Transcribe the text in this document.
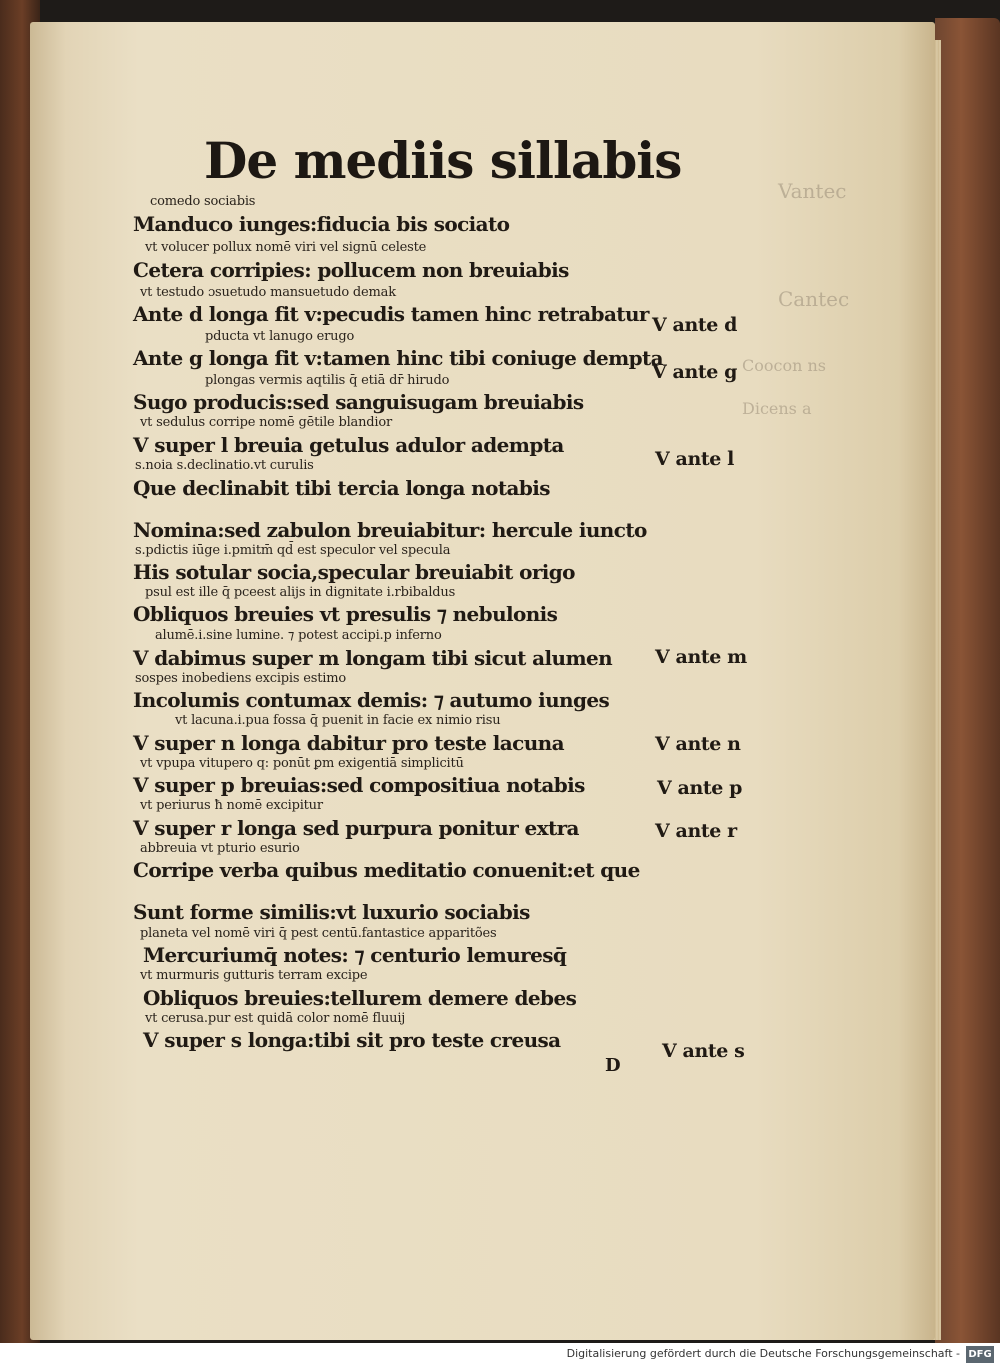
Vantec
Cantec
Coocon ns
Dicens a
De mediis sillabis
comedo sociabis
Manduco iunges:fiducia bis sociato
vt volucer pollux nomē viri vel signū celeste
Cetera corripies: pollucem non breuiabis
vt testudo ɔsuetudo mansuetudo demak
Ante d longa fit v:pecudis tamen hinc retrabatur
pducta vt lanugo erugo
Ante g longa fit v:tamen hinc tibi coniuge dempta
plongas vermis aqtilis q̄ etiā dr̄ hirudo
Sugo producis:sed sanguisugam breuiabis
vt sedulus corripe nomē gētile blandior
V super l breuia getulus adulor adempta
s.noia s.declinatio.vt curulis
Que declinabit tibi tercia longa notabis
Nomina:sed zabulon breuiabitur: hercule iuncto
s.pdictis iūge i.pmitm̄ qd̄ est speculor vel specula
His sotular socia,specular breuiabit origo
psul est ille q̄ pceest alijs in dignitate i.rbibaldus
Obliquos breuies vt presulis ⁊ nebulonis
alumē.i.sine lumine. ⁊ potest accipi.p inferno
V dabimus super m longam tibi sicut alumen
sospes inobediens excipis estimo
Incolumis contumax demis: ⁊ autumo iunges
vt lacuna.i.pua fossa q̄ puenit in facie ex nimio risu
V super n longa dabitur pro teste lacuna
vt vpupa vitupero q: ponūt ꝑm exigentiā simplicitū
V super p breuias:sed compositiua notabis
vt periurus ħ nomē excipitur
V super r longa sed purpura ponitur extra
abbreuia vt pturio esurio
Corripe verba quibus meditatio conuenit:et que
Sunt forme similis:vt luxurio sociabis
planeta vel nomē viri q̄ pest centū.fantastice apparitões
Mercuriumq̄ notes: ⁊ centurio lemuresq̄
vt murmuris gutturis terram excipe
Obliquos breuies:tellurem demere debes
vt cerusa.pur est quidā color nomē fluuij
V super s longa:tibi sit pro teste creusa
V ante d
V ante g
V ante l
V ante m
V ante n
V ante p
V ante r
V ante s
D
Digitalisierung gefördert durch die Deutsche Forschungsgemeinschaft - DFG
